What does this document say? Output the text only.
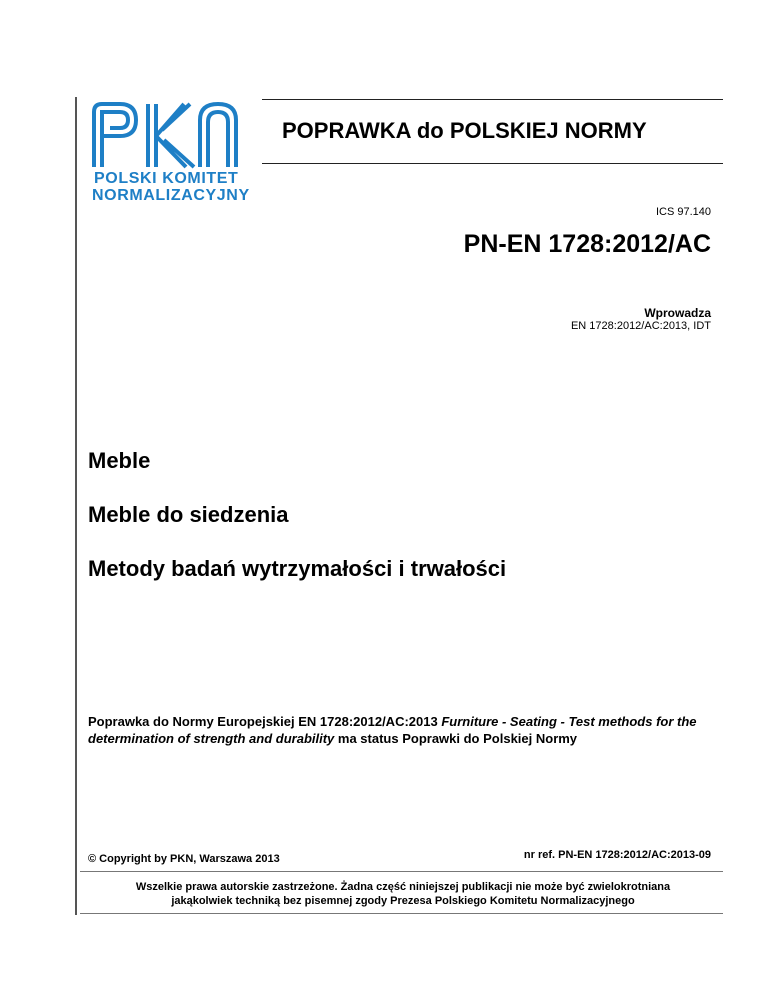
POLSKI KOMITET
NORMALIZACYJNY
POPRAWKA do POLSKIEJ NORMY
ICS 97.140
PN-EN 1728:2012/AC
Wprowadza
EN 1728:2012/AC:2013, IDT
Meble
Meble do siedzenia
Metody badań wytrzymałości i trwałości
Poprawka do Normy Europejskiej EN 1728:2012/AC:2013 Furniture - Seating - Test methods for the determination of strength and durability ma status Poprawki do Polskiej Normy
© Copyright by PKN, Warszawa 2013	nr ref. PN-EN 1728:2012/AC:2013-09
Wszelkie prawa autorskie zastrzeżone. Żadna część niniejszej publikacji nie może być zwielokrotniana
jakąkolwiek techniką bez pisemnej zgody Prezesa Polskiego Komitetu Normalizacyjnego
